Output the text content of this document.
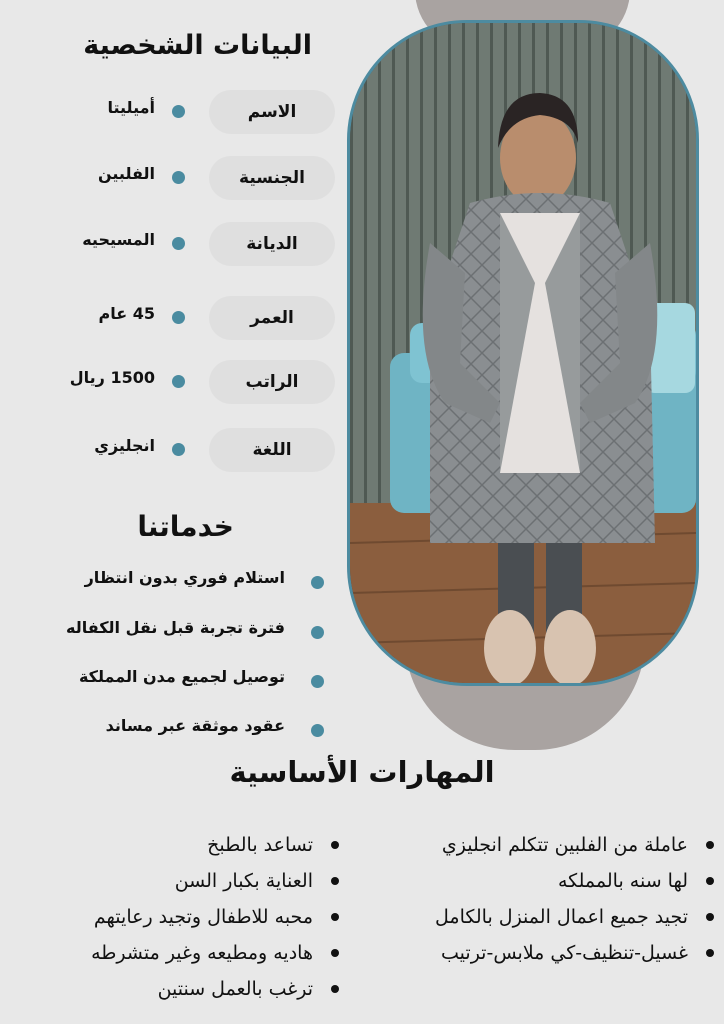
البيانات الشخصية
الاسم
أميليتا
الجنسية
الفلبين
الديانة
المسيحيه
العمر
45 عام
الراتب
1500 ريال
اللغة
انجليزي
خدماتنا
استلام فوري بدون انتظار
فترة تجربة قبل نقل الكفاله
توصيل لجميع مدن المملكة
عقود موثقة عبر مساند
المهارات الأساسية
عاملة من الفلبين تتكلم انجليزي
لها سنه بالمملكه
تجيد جميع اعمال المنزل بالكامل
غسيل-تنظيف-كي ملابس-ترتيب
تساعد بالطبخ
العناية بكبار السن
محبه للاطفال وتجيد رعايتهم
هاديه ومطيعه وغير متشرطه
ترغب بالعمل سنتين
